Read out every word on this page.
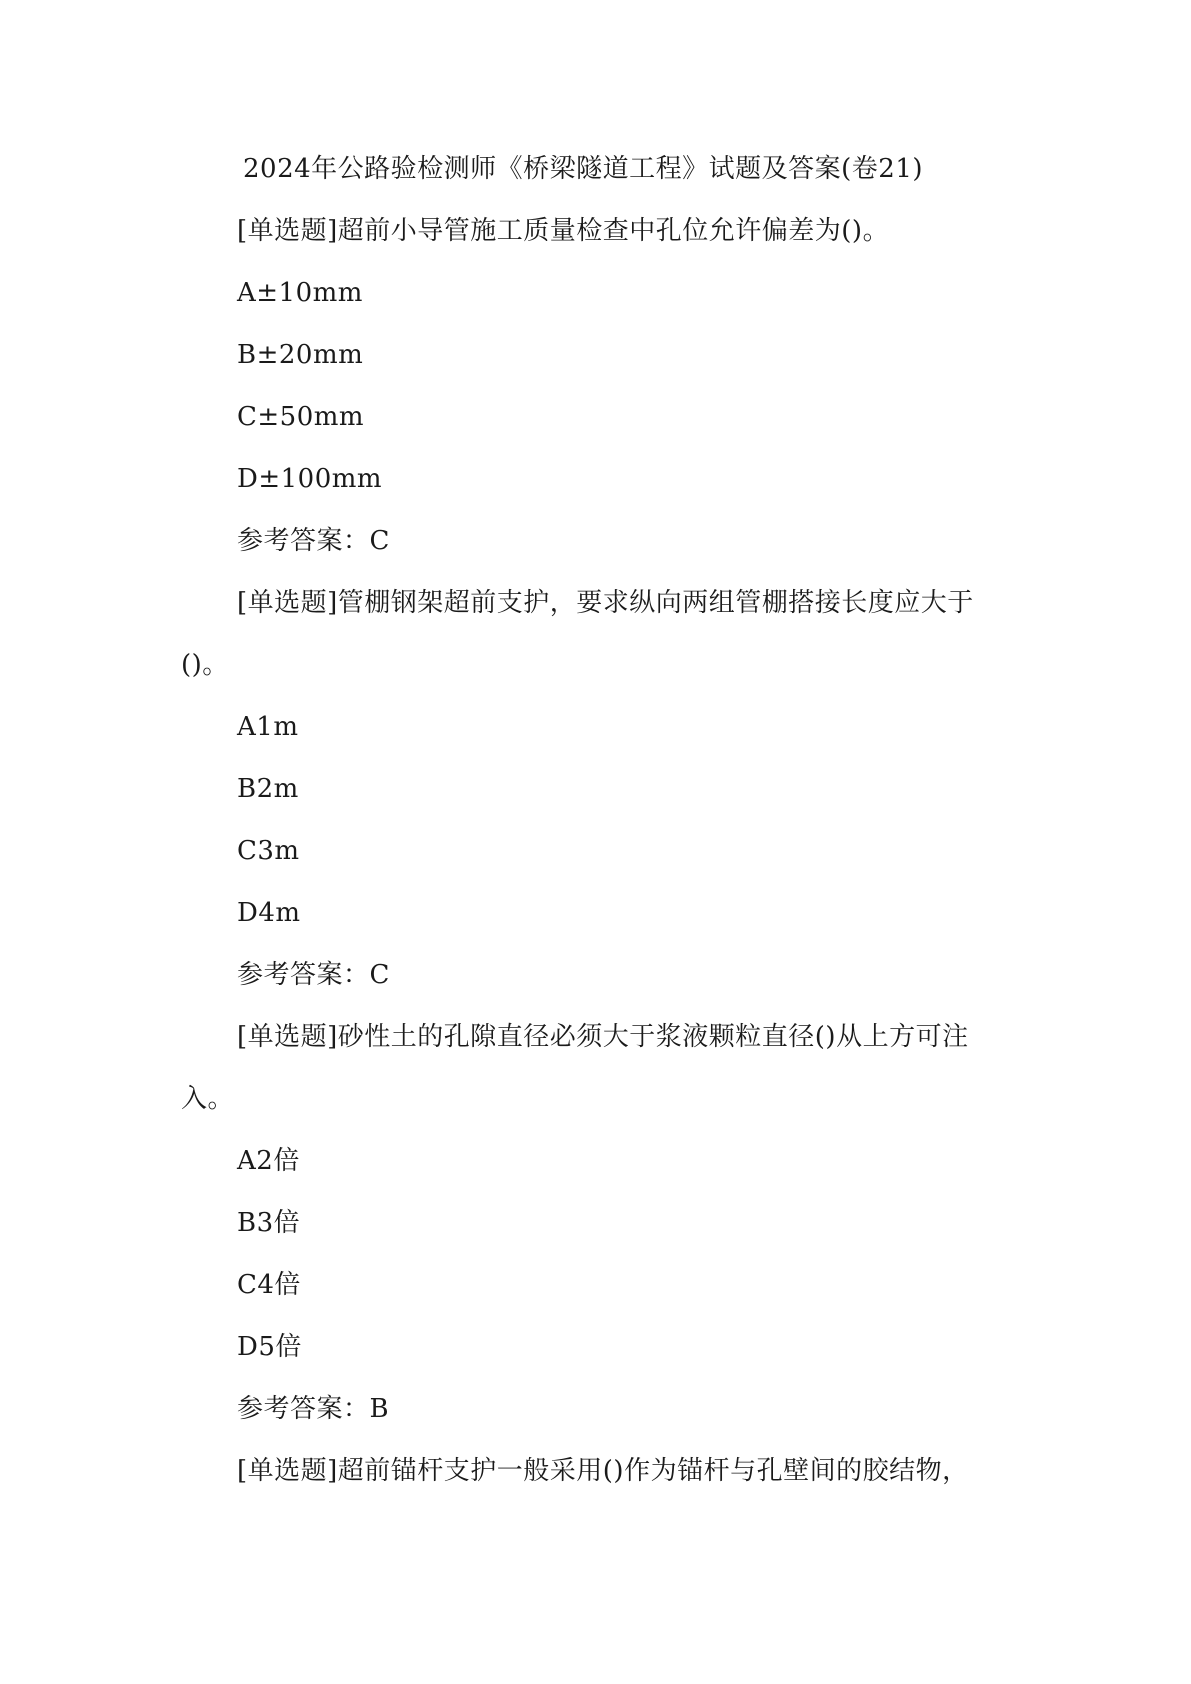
2024年公路验检测师《桥梁隧道工程》试题及答案(卷21)
[单选题]超前小导管施工质量检查中孔位允许偏差为()。
A±10mm
B±20mm
C±50mm
D±100mm
参考答案：C
[单选题]管棚钢架超前支护，要求纵向两组管棚搭接长度应大于
()。
A1m
B2m
C3m
D4m
参考答案：C
[单选题]砂性土的孔隙直径必须大于浆液颗粒直径()从上方可注
入。
A2倍
B3倍
C4倍
D5倍
参考答案：B
[单选题]超前锚杆支护一般采用()作为锚杆与孔壁间的胶结物，
